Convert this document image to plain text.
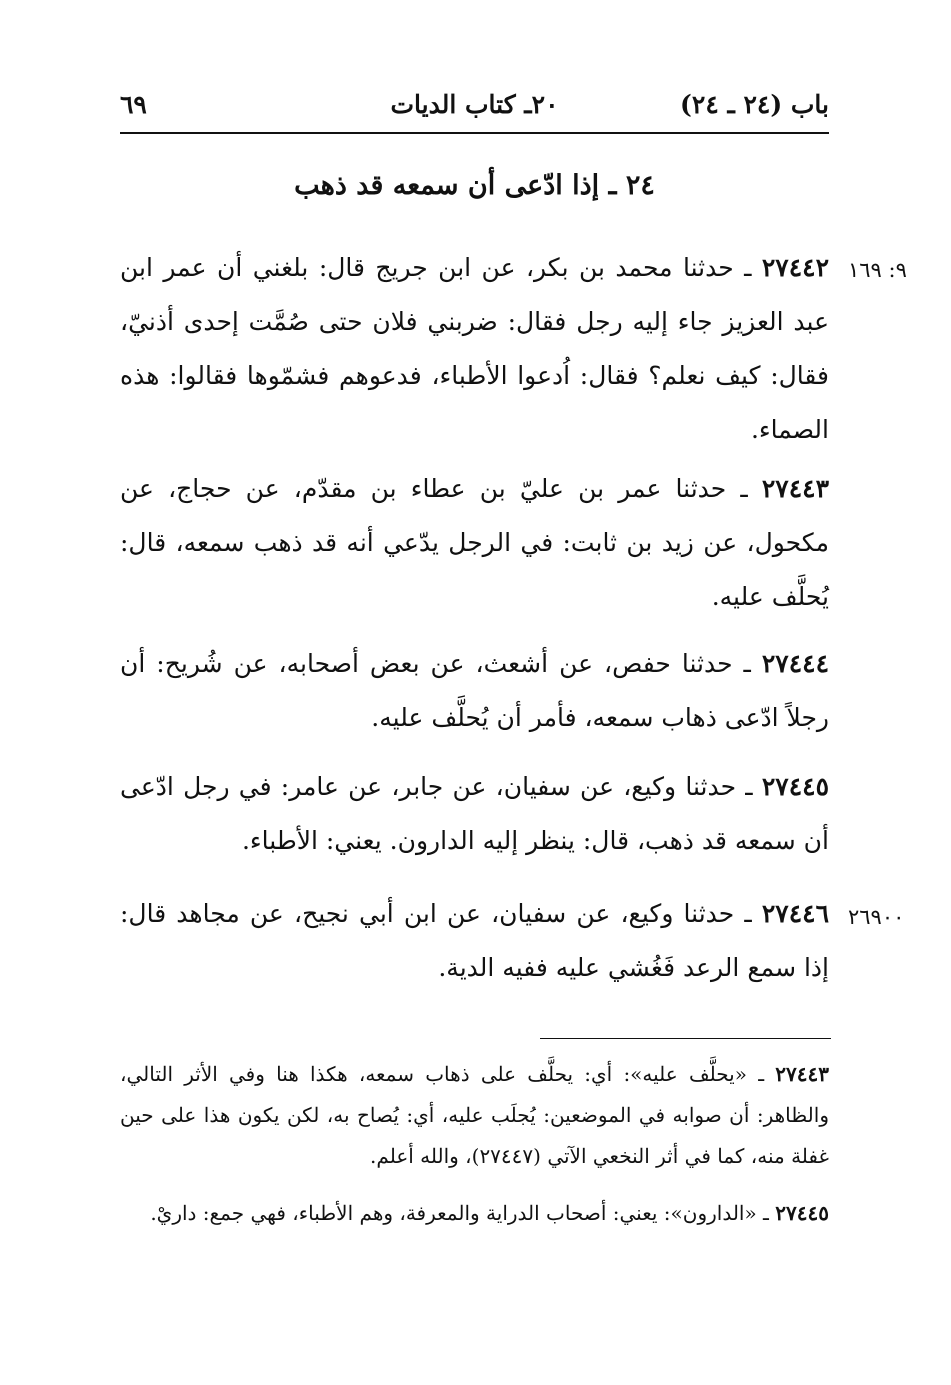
باب (٢٤ ـ ٢٤)
٢٠ـ كتاب الديات
٦٩
٢٤ ـ إذا ادّعى أن سمعه قد ذهب
٩: ١٦٩
٢٧٤٤٢ ـ حدثنا محمد بن بكر، عن ابن جريج قال: بلغني أن عمر ابن عبد العزيز جاء إليه رجل فقال: ضربني فلان حتى صُمَّت إحدى أذنيّ، فقال: كيف نعلم؟ فقال: اُدعوا الأطباء، فدعوهم فشمّوها فقالوا: هذه الصماء.
٢٧٤٤٣ ـ حدثنا عمر بن عليّ بن عطاء بن مقدّم، عن حجاج، عن مكحول، عن زيد بن ثابت: في الرجل يدّعي أنه قد ذهب سمعه، قال: يُحلَّف عليه.
٢٧٤٤٤ ـ حدثنا حفص، عن أشعث، عن بعض أصحابه، عن شُريح: أن رجلاً ادّعى ذهاب سمعه، فأمر أن يُحلَّف عليه.
٢٧٤٤٥ ـ حدثنا وكيع، عن سفيان، عن جابر، عن عامر: في رجل ادّعى أن سمعه قد ذهب، قال: ينظر إليه الدارون. يعني: الأطباء.
٢٦٩٠٠
٢٧٤٤٦ ـ حدثنا وكيع، عن سفيان، عن ابن أبي نجيح، عن مجاهد قال: إذا سمع الرعد فَغُشي عليه ففيه الدية.
٢٧٤٤٣ ـ «يحلَّف عليه»: أي: يحلَّف على ذهاب سمعه، هكذا هنا وفي الأثر التالي، والظاهر: أن صوابه في الموضعين: يُجلَب عليه، أي: يُصاح به، لكن يكون هذا على حين غفلة منه، كما في أثر النخعي الآتي (٢٧٤٤٧)، والله أعلم.
٢٧٤٤٥ ـ «الدارون»: يعني: أصحاب الدراية والمعرفة، وهم الأطباء، فهي جمع: داريْ.
